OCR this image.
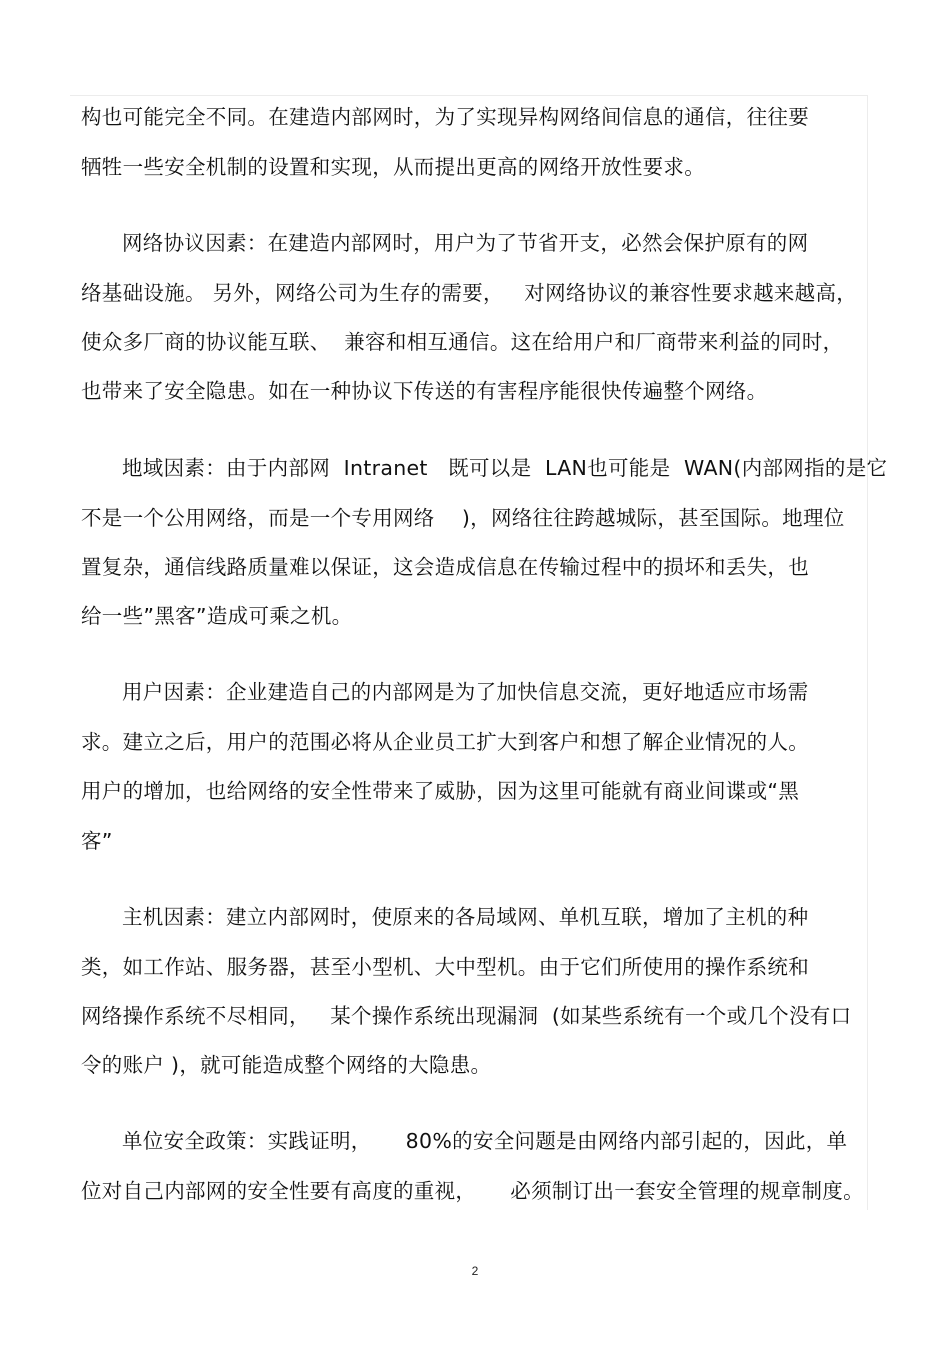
构也可能完全不同。在建造内部网时，为了实现异构网络间信息的通信，往往要
牺牲一些安全机制的设置和实现，从而提出更高的网络开放性要求。
网络协议因素：在建造内部网时，用户为了节省开支，必然会保护原有的网
络基础设施。 另外，网络公司为生存的需要，   对网络协议的兼容性要求越来越高，
使众多厂商的协议能互联、  兼容和相互通信。这在给用户和厂商带来利益的同时，
也带来了安全隐患。如在一种协议下传送的有害程序能很快传遍整个网络。
地域因素：由于内部网  Intranet   既可以是  LAN也可能是  WAN(内部网指的是它
不是一个公用网络，而是一个专用网络    )，网络往往跨越城际，甚至国际。地理位
置复杂，通信线路质量难以保证，这会造成信息在传输过程中的损坏和丢失，也
给一些”黑客”造成可乘之机。
用户因素：企业建造自己的内部网是为了加快信息交流，更好地适应市场需
求。建立之后，用户的范围必将从企业员工扩大到客户和想了解企业情况的人。
用户的增加，也给网络的安全性带来了威胁，因为这里可能就有商业间谍或“黑
客”
主机因素：建立内部网时，使原来的各局域网、单机互联，增加了主机的种
类，如工作站、服务器，甚至小型机、大中型机。由于它们所使用的操作系统和
网络操作系统不尽相同，   某个操作系统出现漏洞  (如某些系统有一个或几个没有口
令的账户 )，就可能造成整个网络的大隐患。
单位安全政策：实践证明，     80%的安全问题是由网络内部引起的，因此，单
位对自己内部网的安全性要有高度的重视，     必须制订出一套安全管理的规章制度。
2
